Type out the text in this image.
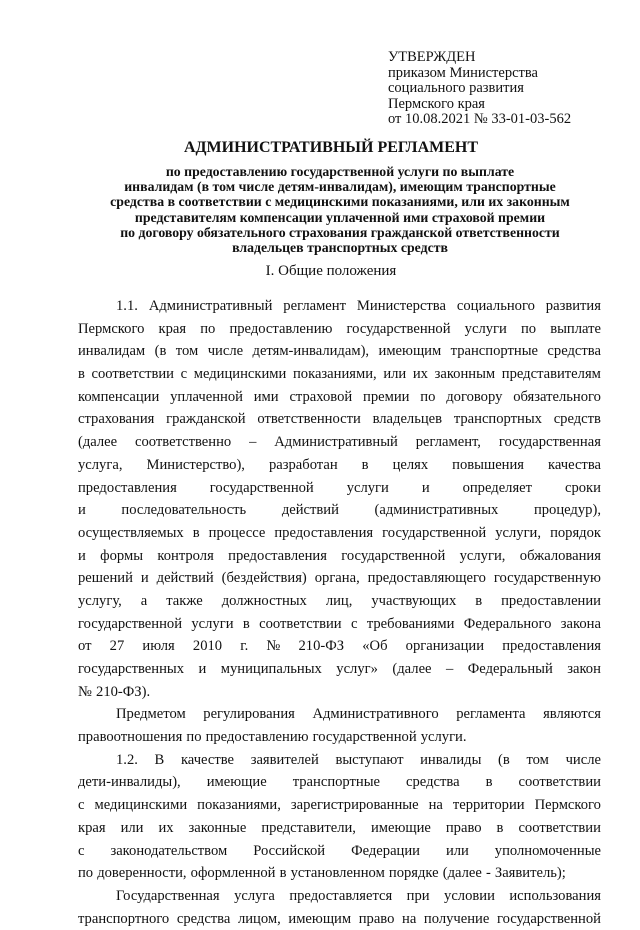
УТВЕРЖДЕН
приказом Министерства
социального развития
Пермского края
от 10.08.2021 № 33-01-03-562
АДМИНИСТРАТИВНЫЙ РЕГЛАМЕНТ
по предоставлению государственной услуги по выплате
инвалидам (в том числе детям-инвалидам), имеющим транспортные
средства в соответствии с медицинскими показаниями, или их законным
представителям компенсации уплаченной ими страховой премии
по договору обязательного страхования гражданской ответственности
владельцев транспортных средств
I. Общие положения
1.1. Административный регламент Министерства социального развития
Пермского края по предоставлению государственной услуги по выплате
инвалидам (в том числе детям-инвалидам), имеющим транспортные средства
в соответствии с медицинскими показаниями, или их законным представителям
компенсации уплаченной ими страховой премии по договору обязательного
страхования гражданской ответственности владельцев транспортных средств
(далее соответственно – Административный регламент, государственная
услуга, Министерство), разработан в целях повышения качества
предоставления государственной услуги и определяет сроки
и последовательность действий (административных процедур),
осуществляемых в процессе предоставления государственной услуги, порядок
и формы контроля предоставления государственной услуги, обжалования
решений и действий (бездействия) органа, предоставляющего государственную
услугу, а также должностных лиц, участвующих в предоставлении
государственной услуги в соответствии с требованиями Федерального закона
от 27 июля 2010 г. № 210-ФЗ «Об организации предоставления
государственных и муниципальных услуг» (далее – Федеральный закон
№ 210-ФЗ).
Предметом регулирования Административного регламента являются
правоотношения по предоставлению государственной услуги.
1.2. В качестве заявителей выступают инвалиды (в том числе
дети-инвалиды), имеющие транспортные средства в соответствии
с медицинскими показаниями, зарегистрированные на территории Пермского
края или их законные представители, имеющие право в соответствии
с законодательством Российской Федерации или уполномоченные
по доверенности, оформленной в установленном порядке (далее - Заявитель);
Государственная услуга предоставляется при условии использования
транспортного средства лицом, имеющим право на получение государственной
